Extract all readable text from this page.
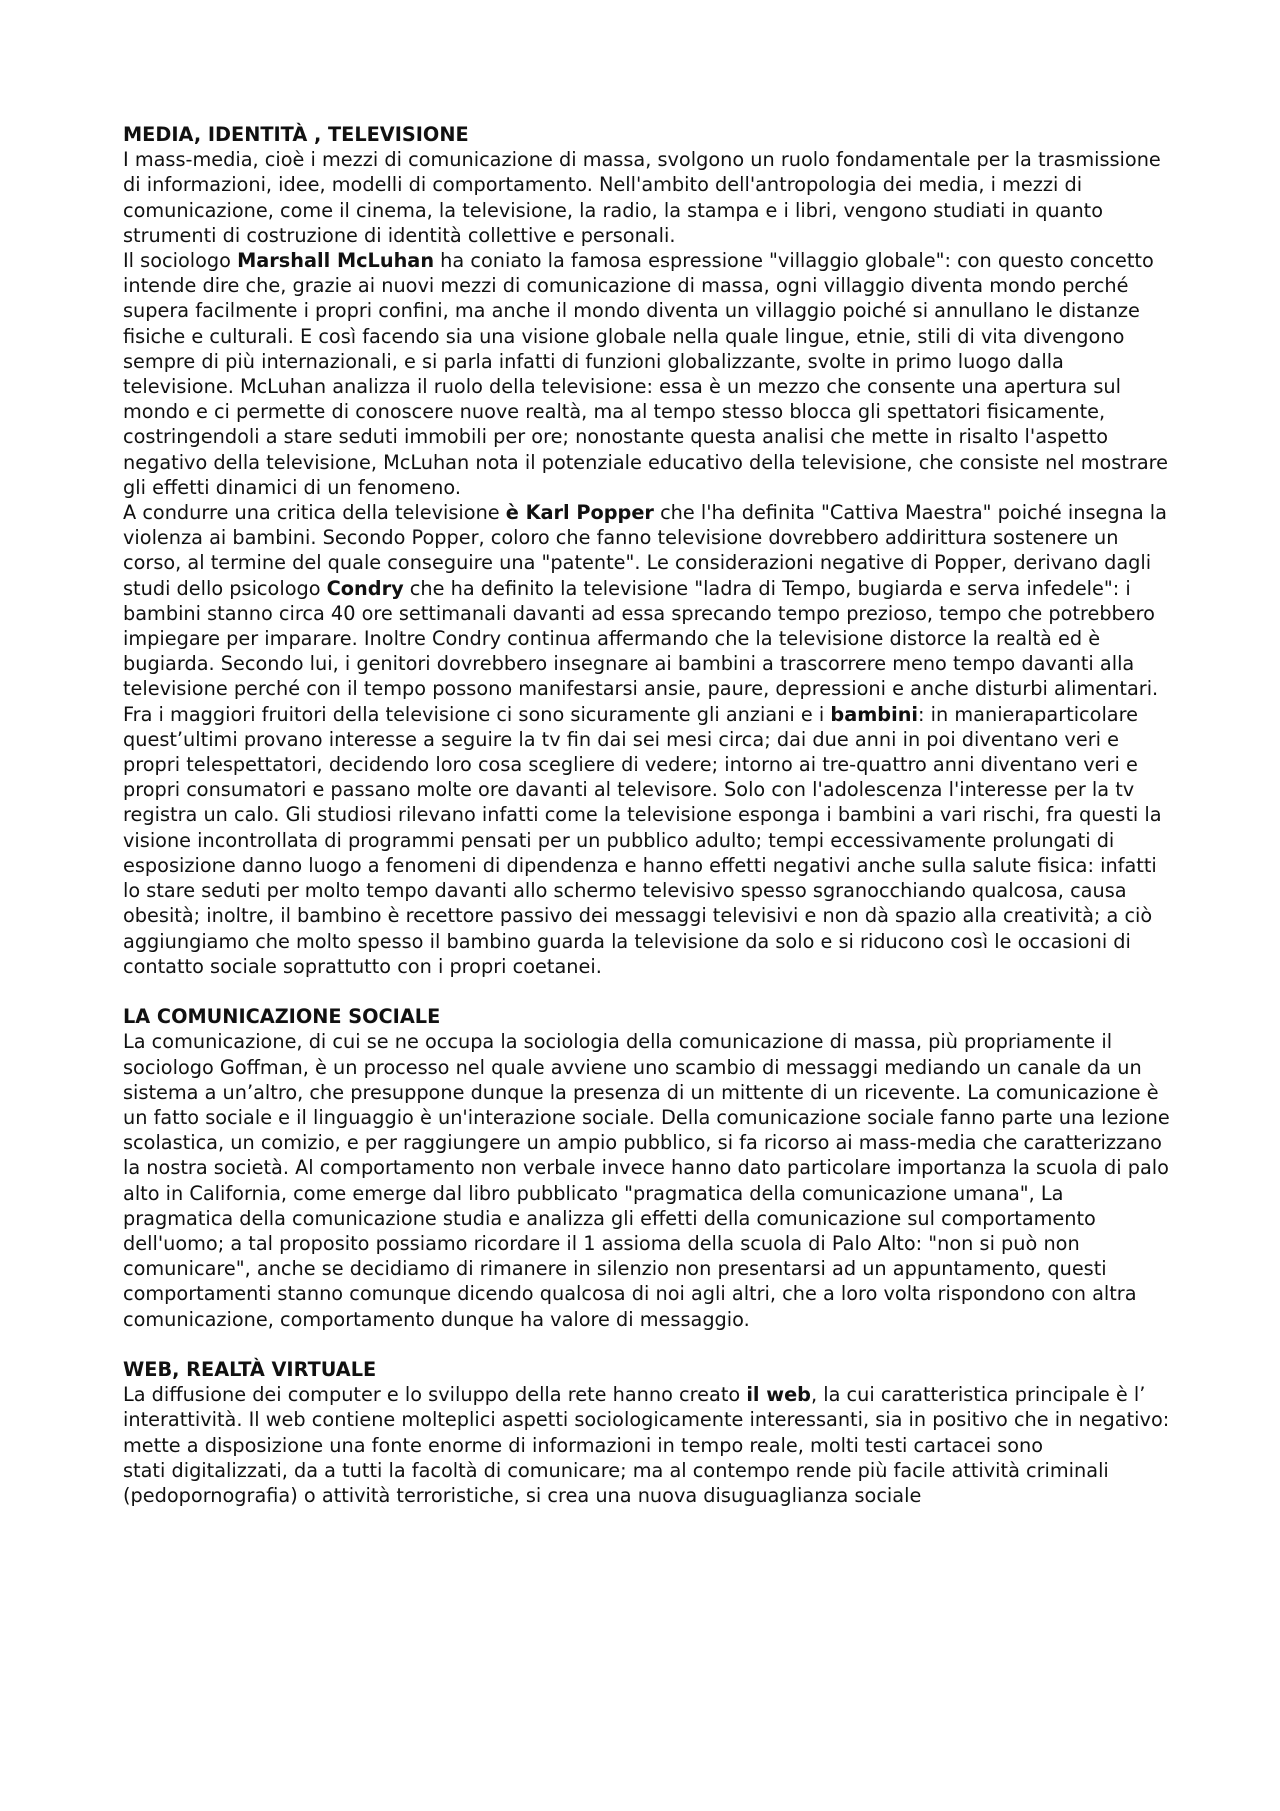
MEDIA, IDENTITÀ , TELEVISIONE

I mass-media, cioè i mezzi di comunicazione di massa, svolgono un ruolo fondamentale per la trasmissione di informazioni, idee, modelli di comportamento. Nell'ambito dell'antropologia dei media, i mezzi di comunicazione, come il cinema, la televisione, la radio, la stampa e i libri, vengono studiati in quanto strumenti di costruzione di identità collettive e personali.

Il sociologo Marshall McLuhan ha coniato la famosa espressione "villaggio globale": con questo concetto intende dire che, grazie ai nuovi mezzi di comunicazione di massa, ogni villaggio diventa mondo perché supera facilmente i propri confini, ma anche il mondo diventa un villaggio poiché si annullano le distanze fisiche e culturali. E così facendo sia una visione globale nella quale lingue, etnie, stili di vita divengono sempre di più internazionali, e si parla infatti di funzioni globalizzante, svolte in primo luogo dalla televisione. McLuhan analizza il ruolo della televisione: essa è un mezzo che consente una apertura sul mondo e ci permette di conoscere nuove realtà, ma al tempo stesso blocca gli spettatori fisicamente, costringendoli a stare seduti immobili per ore; nonostante questa analisi che mette in risalto l'aspetto negativo della televisione, McLuhan nota il potenziale educativo della televisione, che consiste nel mostrare gli effetti dinamici di un fenomeno.

A condurre una critica della televisione è Karl Popper che l'ha definita "Cattiva Maestra" poiché insegna la violenza ai bambini. Secondo Popper, coloro che fanno televisione dovrebbero addirittura sostenere un corso, al termine del quale conseguire una "patente". Le considerazioni negative di Popper, derivano dagli studi dello psicologo Condry che ha definito la televisione "ladra di Tempo, bugiarda e serva infedele": i bambini stanno circa 40 ore settimanali davanti ad essa sprecando tempo prezioso, tempo che potrebbero impiegare per imparare. Inoltre Condry continua affermando che la televisione distorce la realtà ed è bugiarda. Secondo lui, i genitori dovrebbero insegnare ai bambini a trascorrere meno tempo davanti alla televisione perché con il tempo possono manifestarsi ansie, paure, depressioni e anche disturbi alimentari.

Fra i maggiori fruitori della televisione ci sono sicuramente gli anziani e i bambini: in manieraparticolare quest’ultimi provano interesse a seguire la tv fin dai sei mesi circa; dai due anni in poi diventano veri e propri telespettatori, decidendo loro cosa scegliere di vedere; intorno ai tre-quattro anni diventano veri e propri consumatori e passano molte ore davanti al televisore. Solo con l'adolescenza l'interesse per la tv registra un calo. Gli studiosi rilevano infatti come la televisione esponga i bambini a vari rischi, fra questi la visione incontrollata di programmi pensati per un pubblico adulto; tempi eccessivamente prolungati di esposizione danno luogo a fenomeni di dipendenza e hanno effetti negativi anche sulla salute fisica: infatti lo stare seduti per molto tempo davanti allo schermo televisivo spesso sgranocchiando qualcosa, causa obesità; inoltre, il bambino è recettore passivo dei messaggi televisivi e non dà spazio alla creatività; a ciò aggiungiamo che molto spesso il bambino guarda la televisione da solo e si riducono così le occasioni di contatto sociale soprattutto con i propri coetanei.

LA COMUNICAZIONE SOCIALE

La comunicazione, di cui se ne occupa la sociologia della comunicazione di massa, più propriamente il sociologo Goffman, è un processo nel quale avviene uno scambio di messaggi mediando un canale da un sistema a un’altro, che presuppone dunque la presenza di un mittente di un ricevente. La comunicazione è un fatto sociale e il linguaggio è un'interazione sociale. Della comunicazione sociale fanno parte una lezione scolastica, un comizio, e per raggiungere un ampio pubblico, si fa ricorso ai mass-media che caratterizzano la nostra società. Al comportamento non verbale invece hanno dato particolare importanza la scuola di palo alto in California, come emerge dal libro pubblicato "pragmatica della comunicazione umana", La pragmatica della comunicazione studia e analizza gli effetti della comunicazione sul comportamento dell'uomo; a tal proposito possiamo ricordare il 1 assioma della scuola di Palo Alto: "non si può non comunicare", anche se decidiamo di rimanere in silenzio non presentarsi ad un appuntamento, questi comportamenti stanno comunque dicendo qualcosa di noi agli altri, che a loro volta rispondono con altra comunicazione, comportamento dunque ha valore di messaggio.

WEB, REALTÀ VIRTUALE

La diffusione dei computer e lo sviluppo della rete hanno creato il web, la cui caratteristica principale è l’ interattività. Il web contiene molteplici aspetti sociologicamente interessanti, sia in positivo che in negativo: mette a disposizione una fonte enorme di informazioni in tempo reale, molti testi cartacei sono

stati digitalizzati, da a tutti la facoltà di comunicare; ma al contempo rende più facile attività criminali (pedopornografia) o attività terroristiche, si crea una nuova disuguaglianza sociale
